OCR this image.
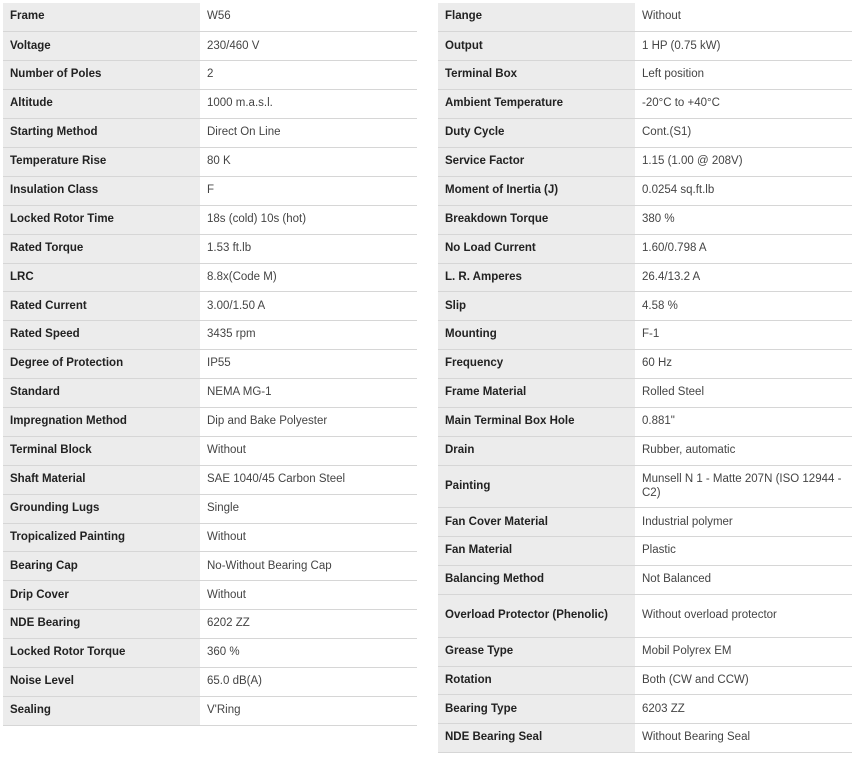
Frame	W56
Voltage	230/460 V
Number of Poles	2
Altitude	1000 m.a.s.l.
Starting Method	Direct On Line
Temperature Rise	80 K
Insulation Class	F
Locked Rotor Time	18s (cold) 10s (hot)
Rated Torque	1.53 ft.lb
LRC	8.8x(Code M)
Rated Current	3.00/1.50 A
Rated Speed	3435 rpm
Degree of Protection	IP55
Standard	NEMA MG-1
Impregnation Method	Dip and Bake Polyester
Terminal Block	Without
Shaft Material	SAE 1040/45 Carbon Steel
Grounding Lugs	Single
Tropicalized Painting	Without
Bearing Cap	No-Without Bearing Cap
Drip Cover	Without
NDE Bearing	6202 ZZ
Locked Rotor Torque	360 %
Noise Level	65.0 dB(A)
Sealing	V'Ring
Flange	Without
Output	1 HP (0.75 kW)
Terminal Box	Left position
Ambient Temperature	-20°C to +40°C
Duty Cycle	Cont.(S1)
Service Factor	1.15 (1.00 @ 208V)
Moment of Inertia (J)	0.0254 sq.ft.lb
Breakdown Torque	380 %
No Load Current	1.60/0.798 A
L. R. Amperes	26.4/13.2 A
Slip	4.58 %
Mounting	F-1
Frequency	60 Hz
Frame Material	Rolled Steel
Main Terminal Box Hole	0.881"
Drain	Rubber, automatic
Painting	Munsell N 1 - Matte 207N (ISO 12944 - C2)
Fan Cover Material	Industrial polymer
Fan Material	Plastic
Balancing Method	Not Balanced
Overload Protector (Phenolic)	Without overload protector
Grease Type	Mobil Polyrex EM
Rotation	Both (CW and CCW)
Bearing Type	6203 ZZ
NDE Bearing Seal	Without Bearing Seal
